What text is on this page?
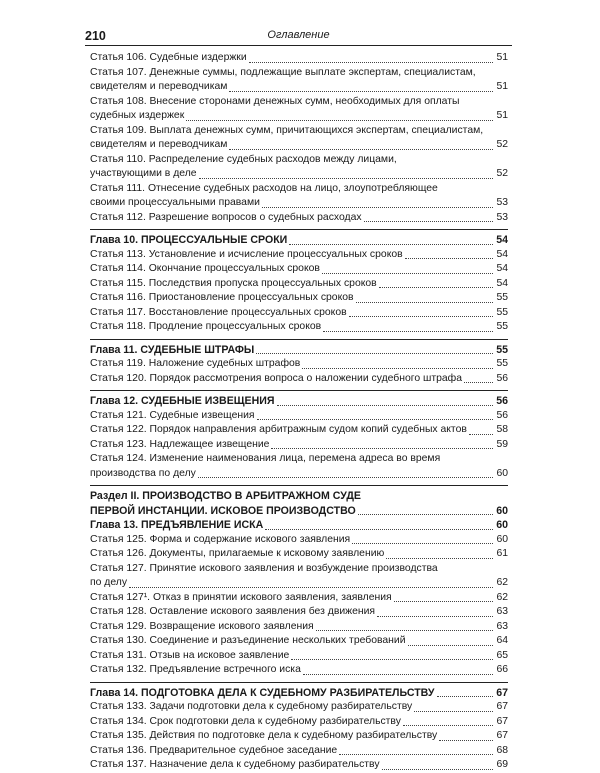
210	Оглавление
Статья 106. Судебные издержки	51
Статья 107. Денежные суммы, подлежащие выплате экспертам, специалистам,
свидетелям и переводчикам	51
Статья 108. Внесение сторонами денежных сумм, необходимых для оплаты
судебных издержек	51
Статья 109. Выплата денежных сумм, причитающихся экспертам, специалистам,
свидетелям и переводчикам	52
Статья 110. Распределение судебных расходов между лицами,
участвующими в деле	52
Статья 111. Отнесение судебных расходов на лицо, злоупотребляющее
своими процессуальными правами	53
Статья 112. Разрешение вопросов о судебных расходах	53
Глава 10. ПРОЦЕССУАЛЬНЫЕ СРОКИ	54
Статья 113. Установление и исчисление процессуальных сроков	54
Статья 114. Окончание процессуальных сроков	54
Статья 115. Последствия пропуска процессуальных сроков	54
Статья 116. Приостановление процессуальных сроков	55
Статья 117. Восстановление процессуальных сроков	55
Статья 118. Продление процессуальных сроков	55
Глава 11. СУДЕБНЫЕ ШТРАФЫ	55
Статья 119. Наложение судебных штрафов	55
Статья 120. Порядок рассмотрения вопроса о наложении судебного штрафа	56
Глава 12. СУДЕБНЫЕ ИЗВЕЩЕНИЯ	56
Статья 121. Судебные извещения	56
Статья 122. Порядок направления арбитражным судом копий судебных актов	58
Статья 123. Надлежащее извещение	59
Статья 124. Изменение наименования лица, перемена адреса во время
производства по делу	60
Раздел II. ПРОИЗВОДСТВО В АРБИТРАЖНОМ СУДЕ
ПЕРВОЙ ИНСТАНЦИИ. ИСКОВОЕ ПРОИЗВОДСТВО	60
Глава 13. ПРЕДЪЯВЛЕНИЕ ИСКА	60
Статья 125. Форма и содержание искового заявления	60
Статья 126. Документы, прилагаемые к исковому заявлению	61
Статья 127. Принятие искового заявления и возбуждение производства
по делу	62
Статья 127¹. Отказ в принятии искового заявления, заявления	62
Статья 128. Оставление искового заявления без движения	63
Статья 129. Возвращение искового заявления	63
Статья 130. Соединение и разъединение нескольких требований	64
Статья 131. Отзыв на исковое заявление	65
Статья 132. Предъявление встречного иска	66
Глава 14. ПОДГОТОВКА ДЕЛА К СУДЕБНОМУ РАЗБИРАТЕЛЬСТВУ	67
Статья 133. Задачи подготовки дела к судебному разбирательству	67
Статья 134. Срок подготовки дела к судебному разбирательству	67
Статья 135. Действия по подготовке дела к судебному разбирательству	67
Статья 136. Предварительное судебное заседание	68
Статья 137. Назначение дела к судебному разбирательству	69
